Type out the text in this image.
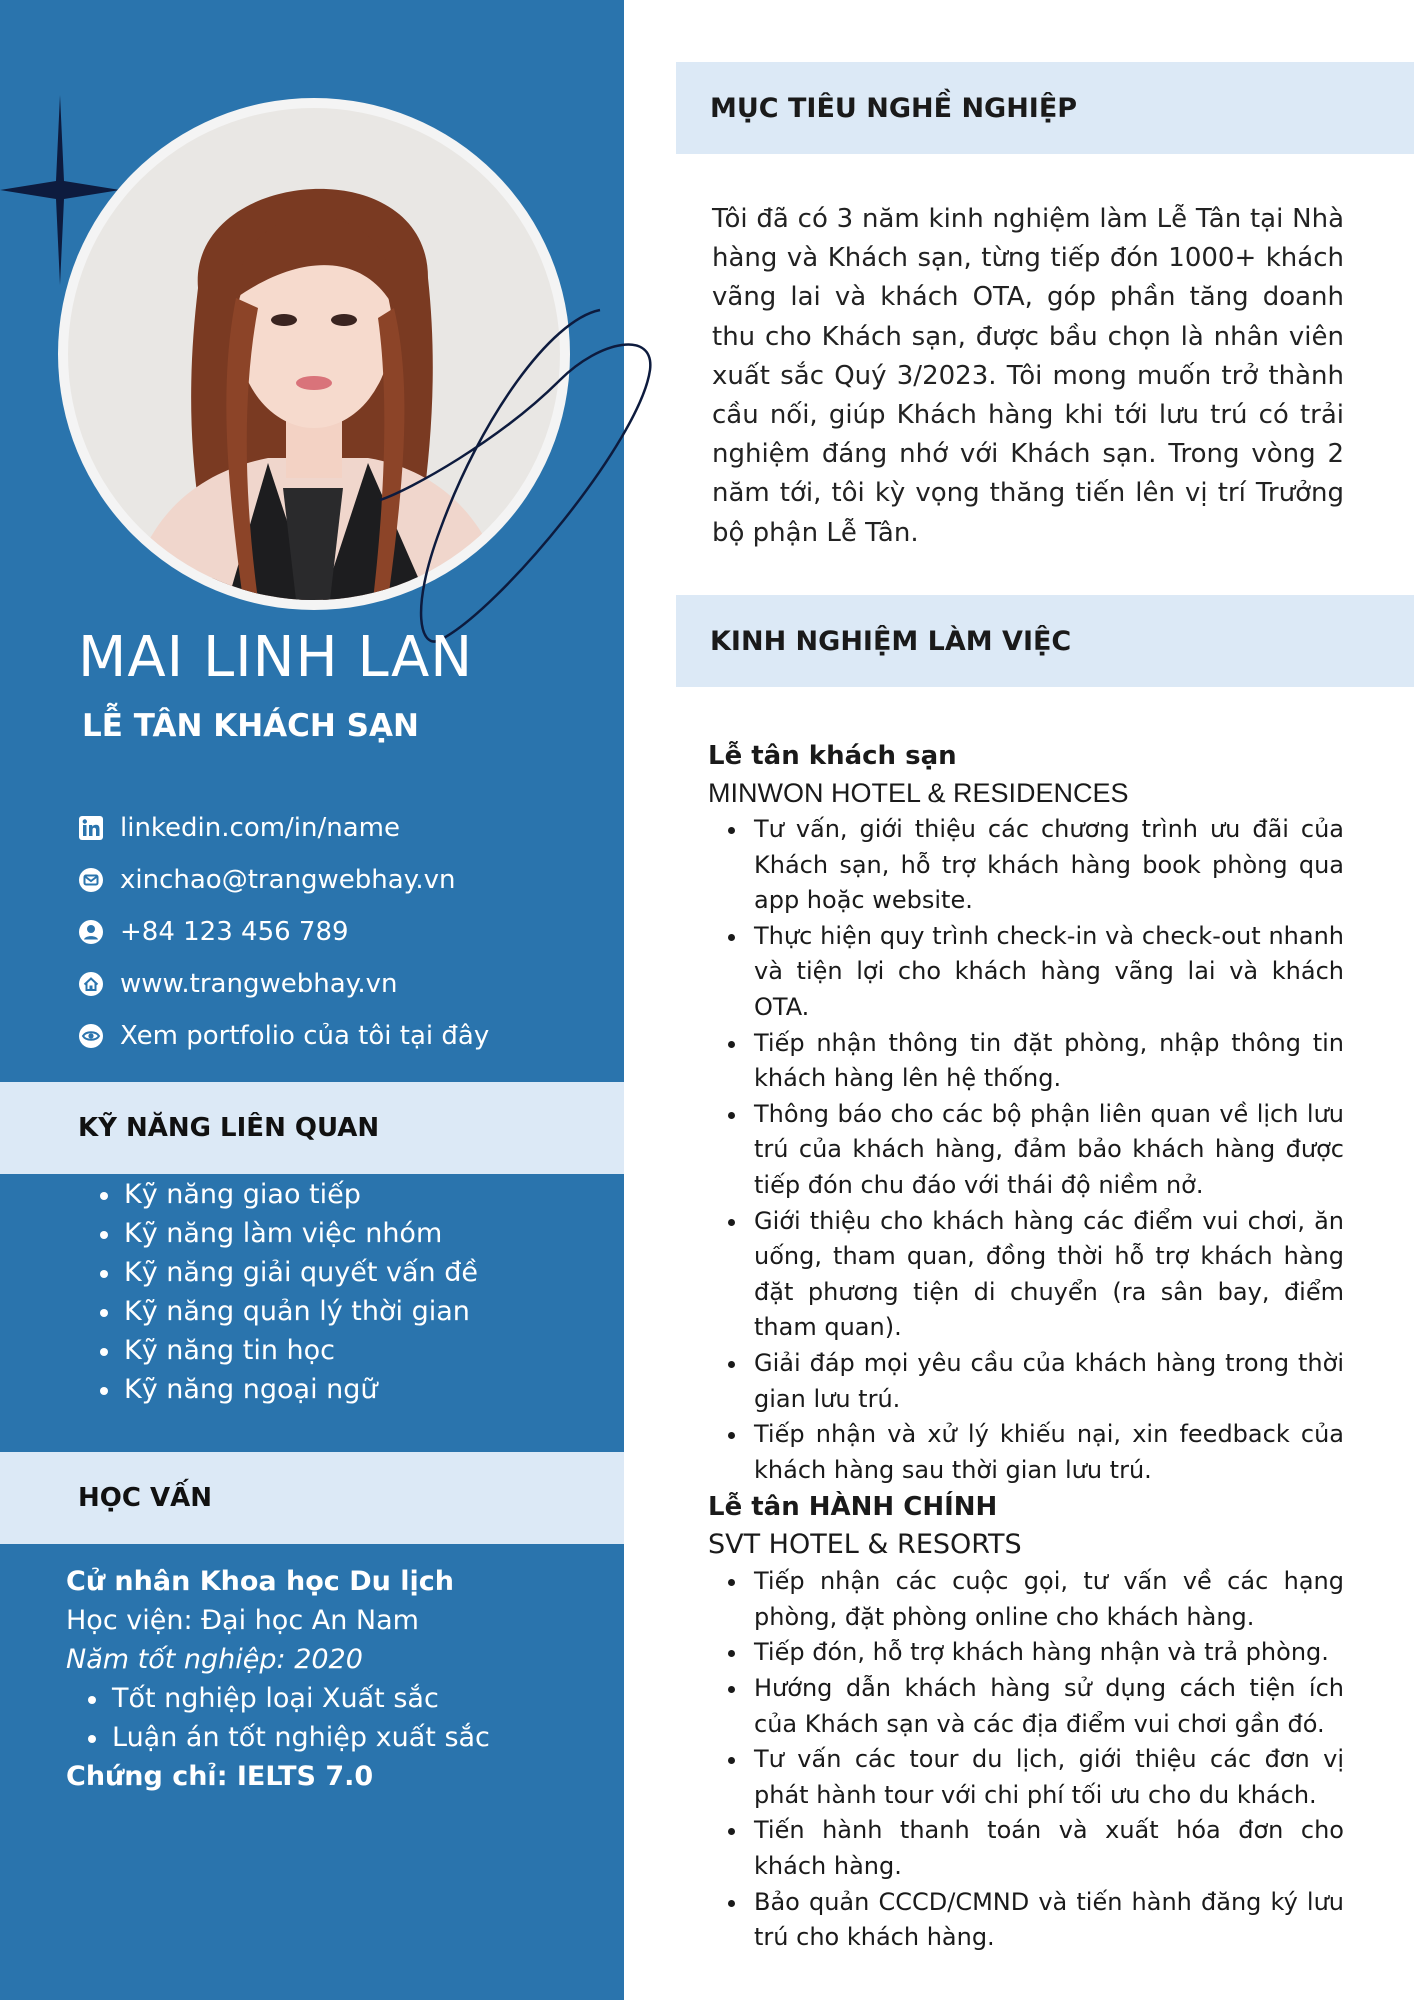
MAI LINH LAN
LỄ TÂN KHÁCH SẠN
linkedin.com/in/name
xinchao@trangwebhay.vn
+84 123 456 789
www.trangwebhay.vn
Xem portfolio của tôi tại đây
KỸ NĂNG LIÊN QUAN
Kỹ năng giao tiếp
Kỹ năng làm việc nhóm
Kỹ năng giải quyết vấn đề
Kỹ năng quản lý thời gian
Kỹ năng tin học
Kỹ năng ngoại ngữ
HỌC VẤN
Cử nhân Khoa học Du lịch
Học viện: Đại học An Nam
Năm tốt nghiệp: 2020
Tốt nghiệp loại Xuất sắc
Luận án tốt nghiệp xuất sắc
Chứng chỉ: IELTS 7.0
MỤC TIÊU NGHỀ NGHIỆP
Tôi đã có 3 năm kinh nghiệm làm Lễ Tân tại Nhà hàng và Khách sạn, từng tiếp đón 1000+ khách vãng lai và khách OTA, góp phần tăng doanh thu cho Khách sạn, được bầu chọn là nhân viên xuất sắc Quý 3/2023. Tôi mong muốn trở thành cầu nối, giúp Khách hàng khi tới lưu trú có trải nghiệm đáng nhớ với Khách sạn. Trong vòng 2 năm tới, tôi kỳ vọng thăng tiến lên vị trí Trưởng bộ phận Lễ Tân.
KINH NGHIỆM LÀM VIỆC
Lễ tân khách sạn
MINWON HOTEL & RESIDENCES
Tư vấn, giới thiệu các chương trình ưu đãi của Khách sạn, hỗ trợ khách hàng book phòng qua app hoặc website.
Thực hiện quy trình check-in và check-out nhanh và tiện lợi cho khách hàng vãng lai và khách OTA.
Tiếp nhận thông tin đặt phòng, nhập thông tin khách hàng lên hệ thống.
Thông báo cho các bộ phận liên quan về lịch lưu trú của khách hàng, đảm bảo khách hàng được tiếp đón chu đáo với thái độ niềm nở.
Giới thiệu cho khách hàng các điểm vui chơi, ăn uống, tham quan, đồng thời hỗ trợ khách hàng đặt phương tiện di chuyển (ra sân bay, điểm tham quan).
Giải đáp mọi yêu cầu của khách hàng trong thời gian lưu trú.
Tiếp nhận và xử lý khiếu nại, xin feedback của khách hàng sau thời gian lưu trú.
Lễ tân HÀNH CHÍNH
SVT HOTEL & RESORTS
Tiếp nhận các cuộc gọi, tư vấn về các hạng phòng, đặt phòng online cho khách hàng.
Tiếp đón, hỗ trợ khách hàng nhận và trả phòng.
Hướng dẫn khách hàng sử dụng cách tiện ích của Khách sạn và các địa điểm vui chơi gần đó.
Tư vấn các tour du lịch, giới thiệu các đơn vị phát hành tour với chi phí tối ưu cho du khách.
Tiến hành thanh toán và xuất hóa đơn cho khách hàng.
Bảo quản CCCD/CMND và tiến hành đăng ký lưu trú cho khách hàng.
